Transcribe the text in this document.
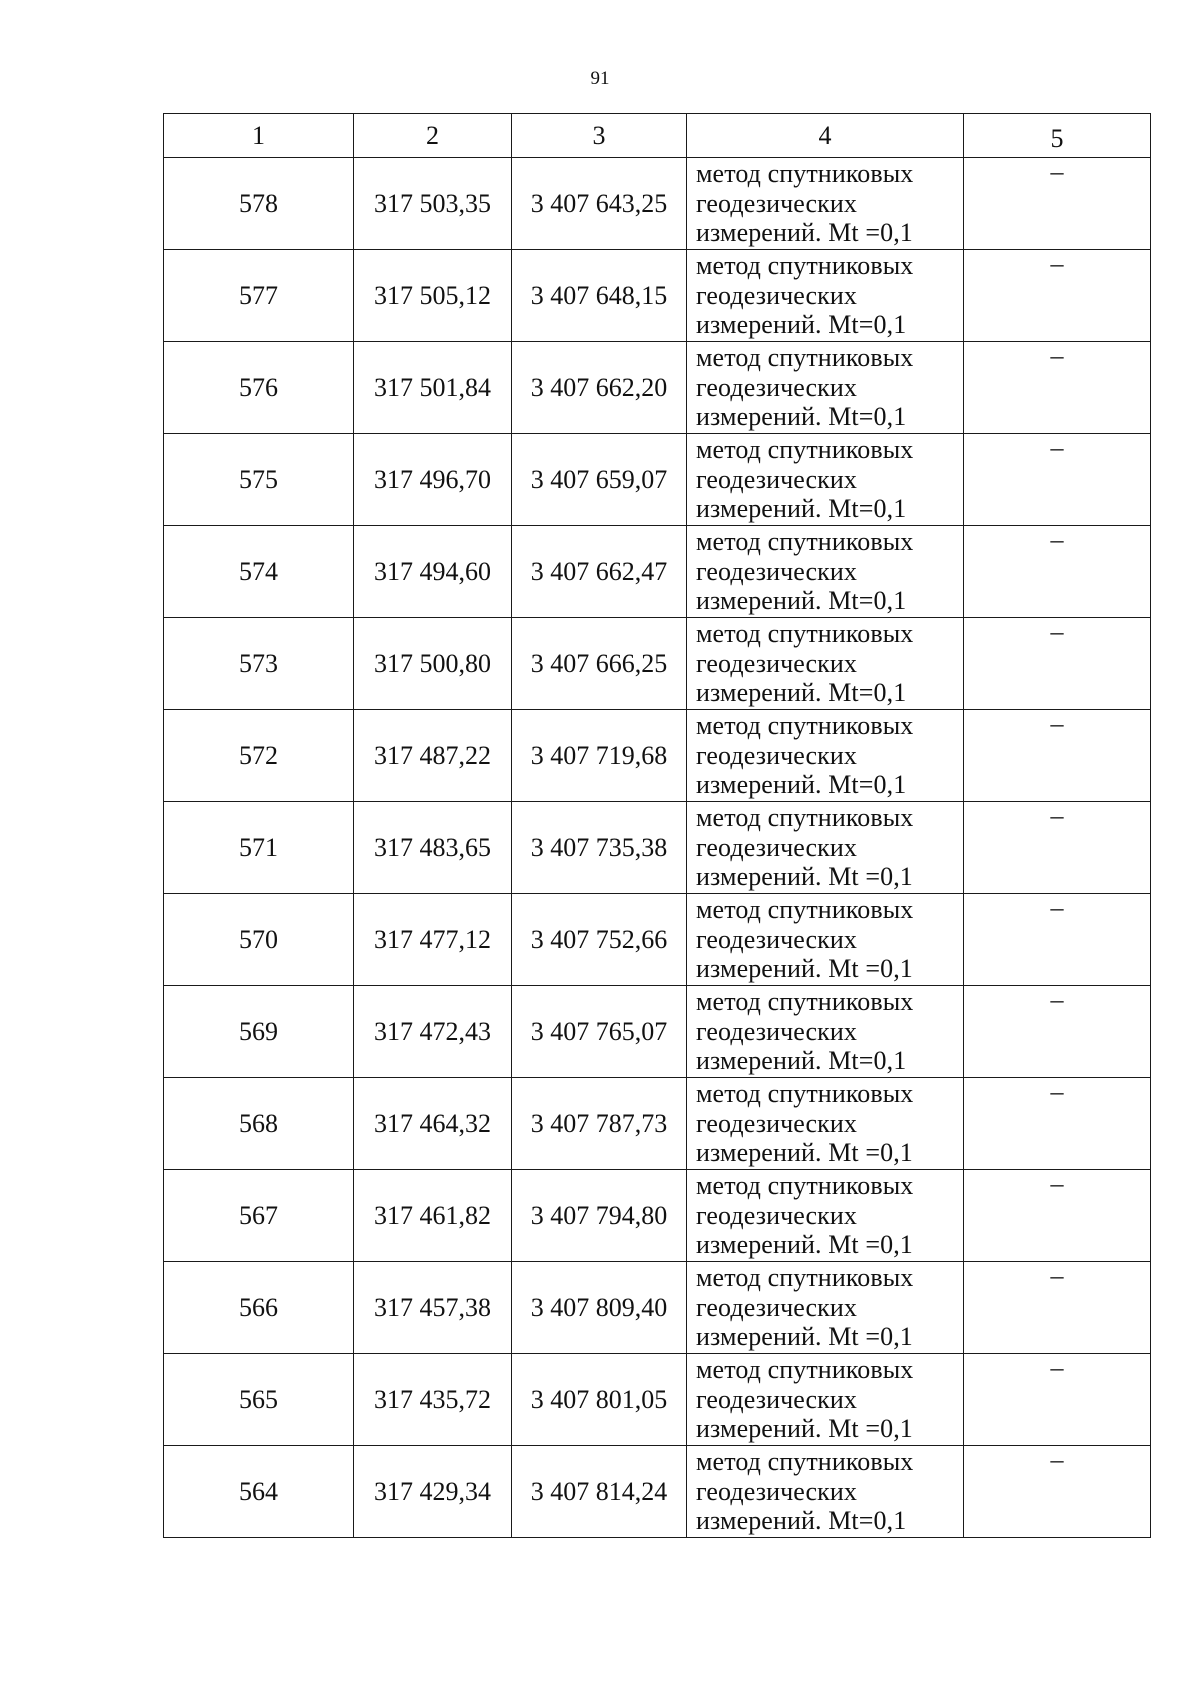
91
1	2	3	4	5
578	317 503,35	3 407 643,25	метод спутниковых
геодезических
измерений. Mt =0,1	–
577	317 505,12	3 407 648,15	метод спутниковых
геодезических
измерений. Mt=0,1	–
576	317 501,84	3 407 662,20	метод спутниковых
геодезических
измерений. Mt=0,1	–
575	317 496,70	3 407 659,07	метод спутниковых
геодезических
измерений. Mt=0,1	–
574	317 494,60	3 407 662,47	метод спутниковых
геодезических
измерений. Mt=0,1	–
573	317 500,80	3 407 666,25	метод спутниковых
геодезических
измерений. Mt=0,1	–
572	317 487,22	3 407 719,68	метод спутниковых
геодезических
измерений. Mt=0,1	–
571	317 483,65	3 407 735,38	метод спутниковых
геодезических
измерений. Mt =0,1	–
570	317 477,12	3 407 752,66	метод спутниковых
геодезических
измерений. Mt =0,1	–
569	317 472,43	3 407 765,07	метод спутниковых
геодезических
измерений. Mt=0,1	–
568	317 464,32	3 407 787,73	метод спутниковых
геодезических
измерений. Mt =0,1	–
567	317 461,82	3 407 794,80	метод спутниковых
геодезических
измерений. Mt =0,1	–
566	317 457,38	3 407 809,40	метод спутниковых
геодезических
измерений. Mt =0,1	–
565	317 435,72	3 407 801,05	метод спутниковых
геодезических
измерений. Mt =0,1	–
564	317 429,34	3 407 814,24	метод спутниковых
геодезических
измерений. Mt=0,1	–
